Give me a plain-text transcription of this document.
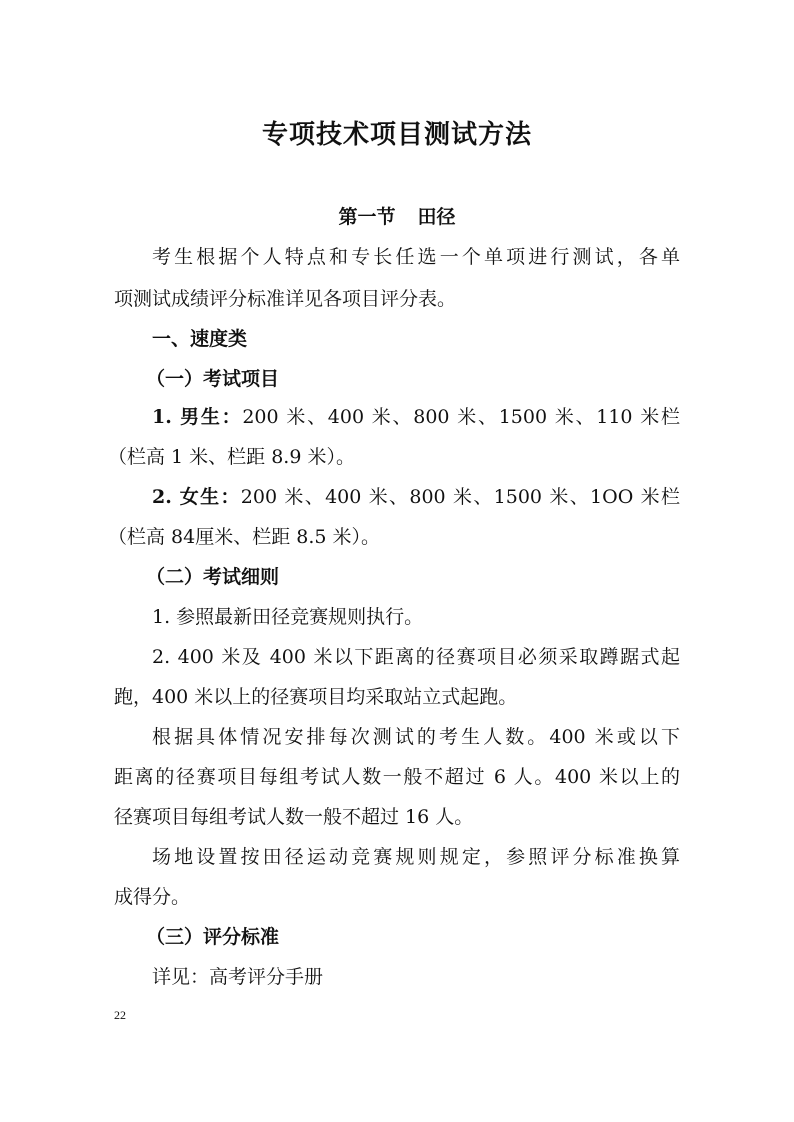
专项技术项目测试方法
第一节 田径
考生根据个人特点和专长任选一个单项进行测试，各单
项测试成绩评分标准详见各项目评分表。
一、速度类
（一）考试项目
1. 男生：200 米、400 米、800 米、1500 米、110 米栏
（栏高 1 米、栏距 8.9 米）。
2. 女生：200 米、400 米、800 米、1500 米、1OO 米栏
（栏高 84厘米、栏距 8.5 米）。
（二）考试细则
1. 参照最新田径竞赛规则执行。
2. 400 米及 400 米以下距离的径赛项目必须采取蹲踞式起
跑，400 米以上的径赛项目均采取站立式起跑。
根据具体情况安排每次测试的考生人数。400 米或以下
距离的径赛项目每组考试人数一般不超过 6 人。400 米以上的
径赛项目每组考试人数一般不超过 16 人。
场地设置按田径运动竞赛规则规定，参照评分标准换算
成得分。
（三）评分标准
详见：高考评分手册
22
